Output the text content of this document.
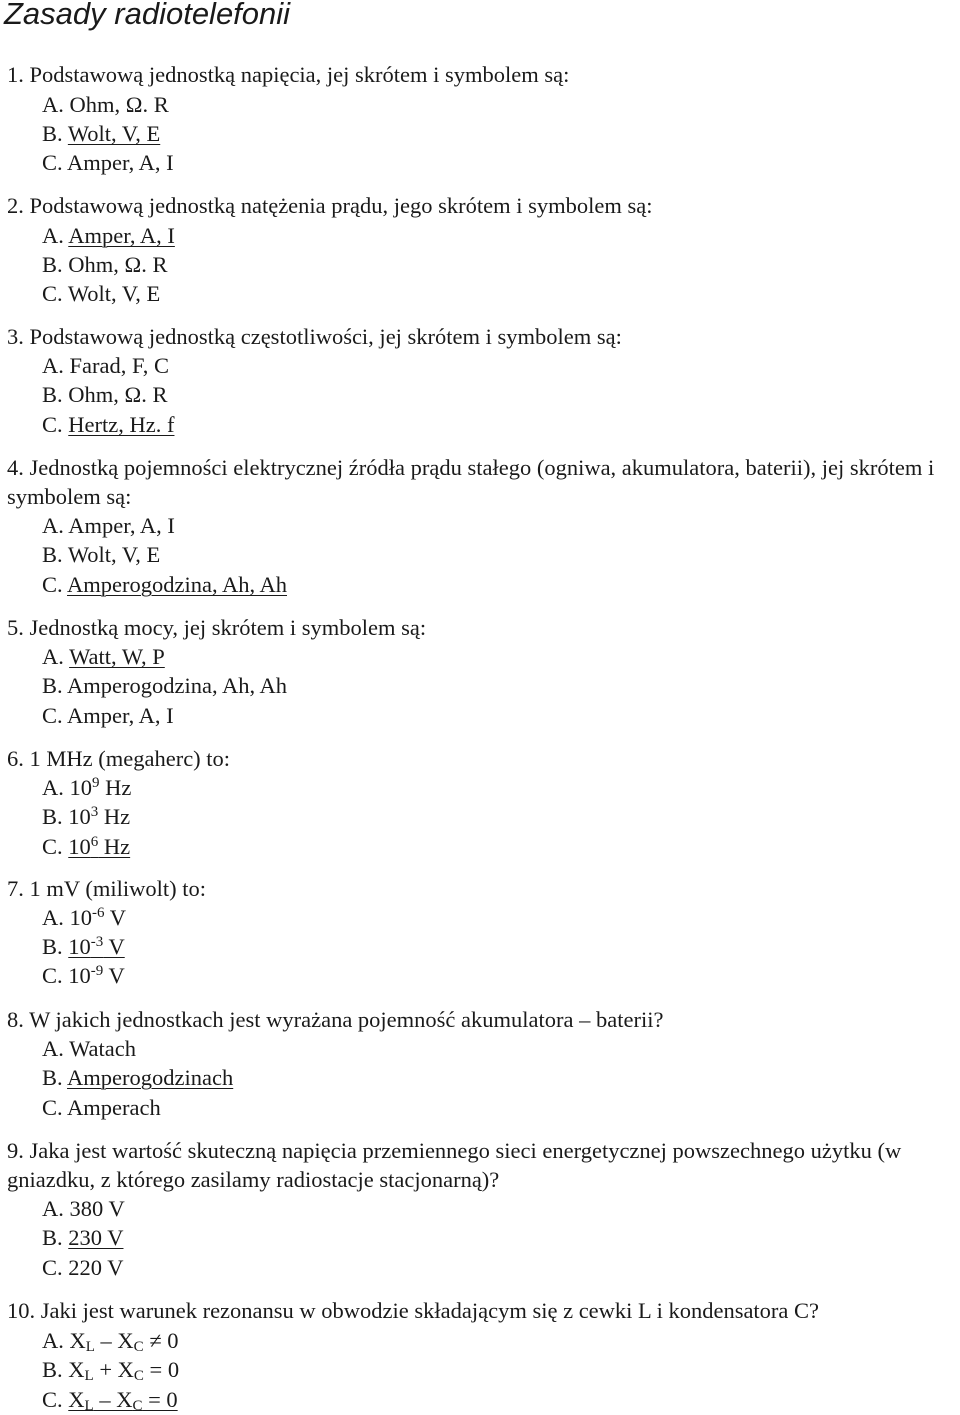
Zasady radiotelefonii

1. Podstawową jednostką napięcia, jej skrótem i symbolem są:

A. Ohm, Ω. R

B. Wolt, V, E

C. Amper, A, I

2. Podstawową jednostką natężenia prądu, jego skrótem i symbolem są:

A. Amper, A, I

B. Ohm, Ω. R

C. Wolt, V, E

3. Podstawową jednostką częstotliwości, jej skrótem i symbolem są:

A. Farad, F, C

B. Ohm, Ω. R

C. Hertz, Hz. f

4. Jednostką pojemności elektrycznej źródła prądu stałego (ogniwa, akumulatora, baterii), jej skrótem i symbolem są:

A. Amper, A, I

B. Wolt, V, E

C. Amperogodzina, Ah, Ah

5. Jednostką mocy, jej skrótem i symbolem są:

A. Watt, W, P

B. Amperogodzina, Ah, Ah

C. Amper, A, I

6. 1 MHz (megaherc) to:

A. $10^9$ Hz

B. $10^3$ Hz

C. $10^6$ Hz

7. 1 mV (miliwolt) to:

A. $10^{-6}$ V

B. $10^{-3}$ V

C. $10^{-9}$ V

8. W jakich jednostkach jest wyrażana pojemność akumulatora – baterii?

A. Watach

B. Amperogodzinach

C. Amperach

9. Jaka jest wartość skuteczną napięcia przemiennego sieci energetycznej powszechnego użytku (w gniazdku, z którego zasilamy radiostacje stacjonarną)?

A. 380 V

B. 230 V

C. 220 V

10. Jaki jest warunek rezonansu w obwodzie składającym się z cewki L i kondensatora C?

A. $X_L - X_C \ne 0$

B. $X_L + X_C = 0$

C. $X_L - X_C = 0$
